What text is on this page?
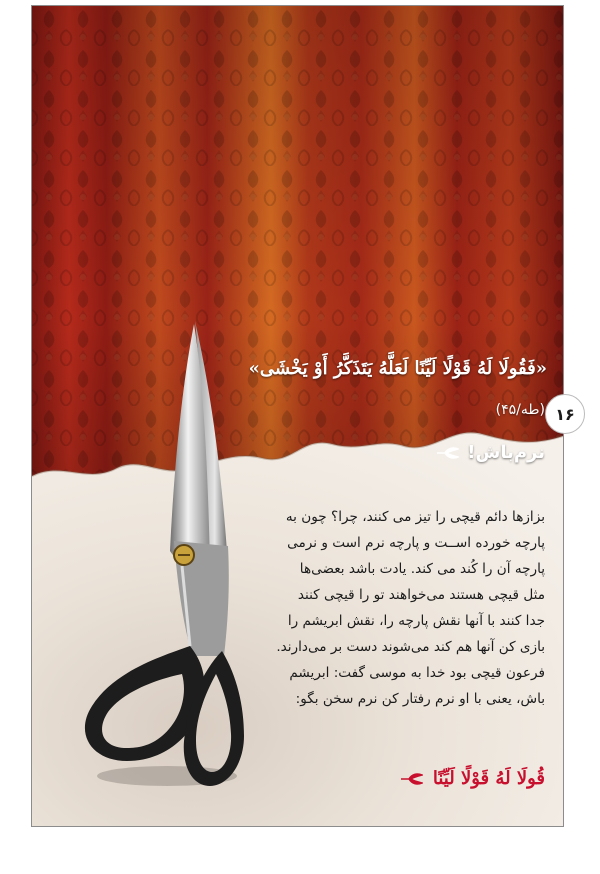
«فَقُولَا لَهُ قَوْلًا لَيِّنًا لَعَلَّهُ يَتَذَكَّرُ أَوْ يَخْشَى»
(طه/۴۵)
نرم‌باش!

بزازها دائم قیچی را تیز می کنند، چرا؟ چون به

پارچه خورده اســت و پارچه نرم است و نرمی

پارچه آن را کُند می کند. یادت باشد بعضی‌ها

مثل قیچی هستند می‌خواهند تو را قیچی کنند

جدا کنند با آنها نقش پارچه را، نقش ابریشم را

بازی کن آنها هم کند می‌شوند دست بر می‌دارند.

فرعون قیچی بود خدا به موسی گفت: ابریشم

باش، یعنی با او نرم رفتار کن نرم سخن بگو:

قُولَا لَهُ قَوْلًا لَيِّنًا
۱۶
